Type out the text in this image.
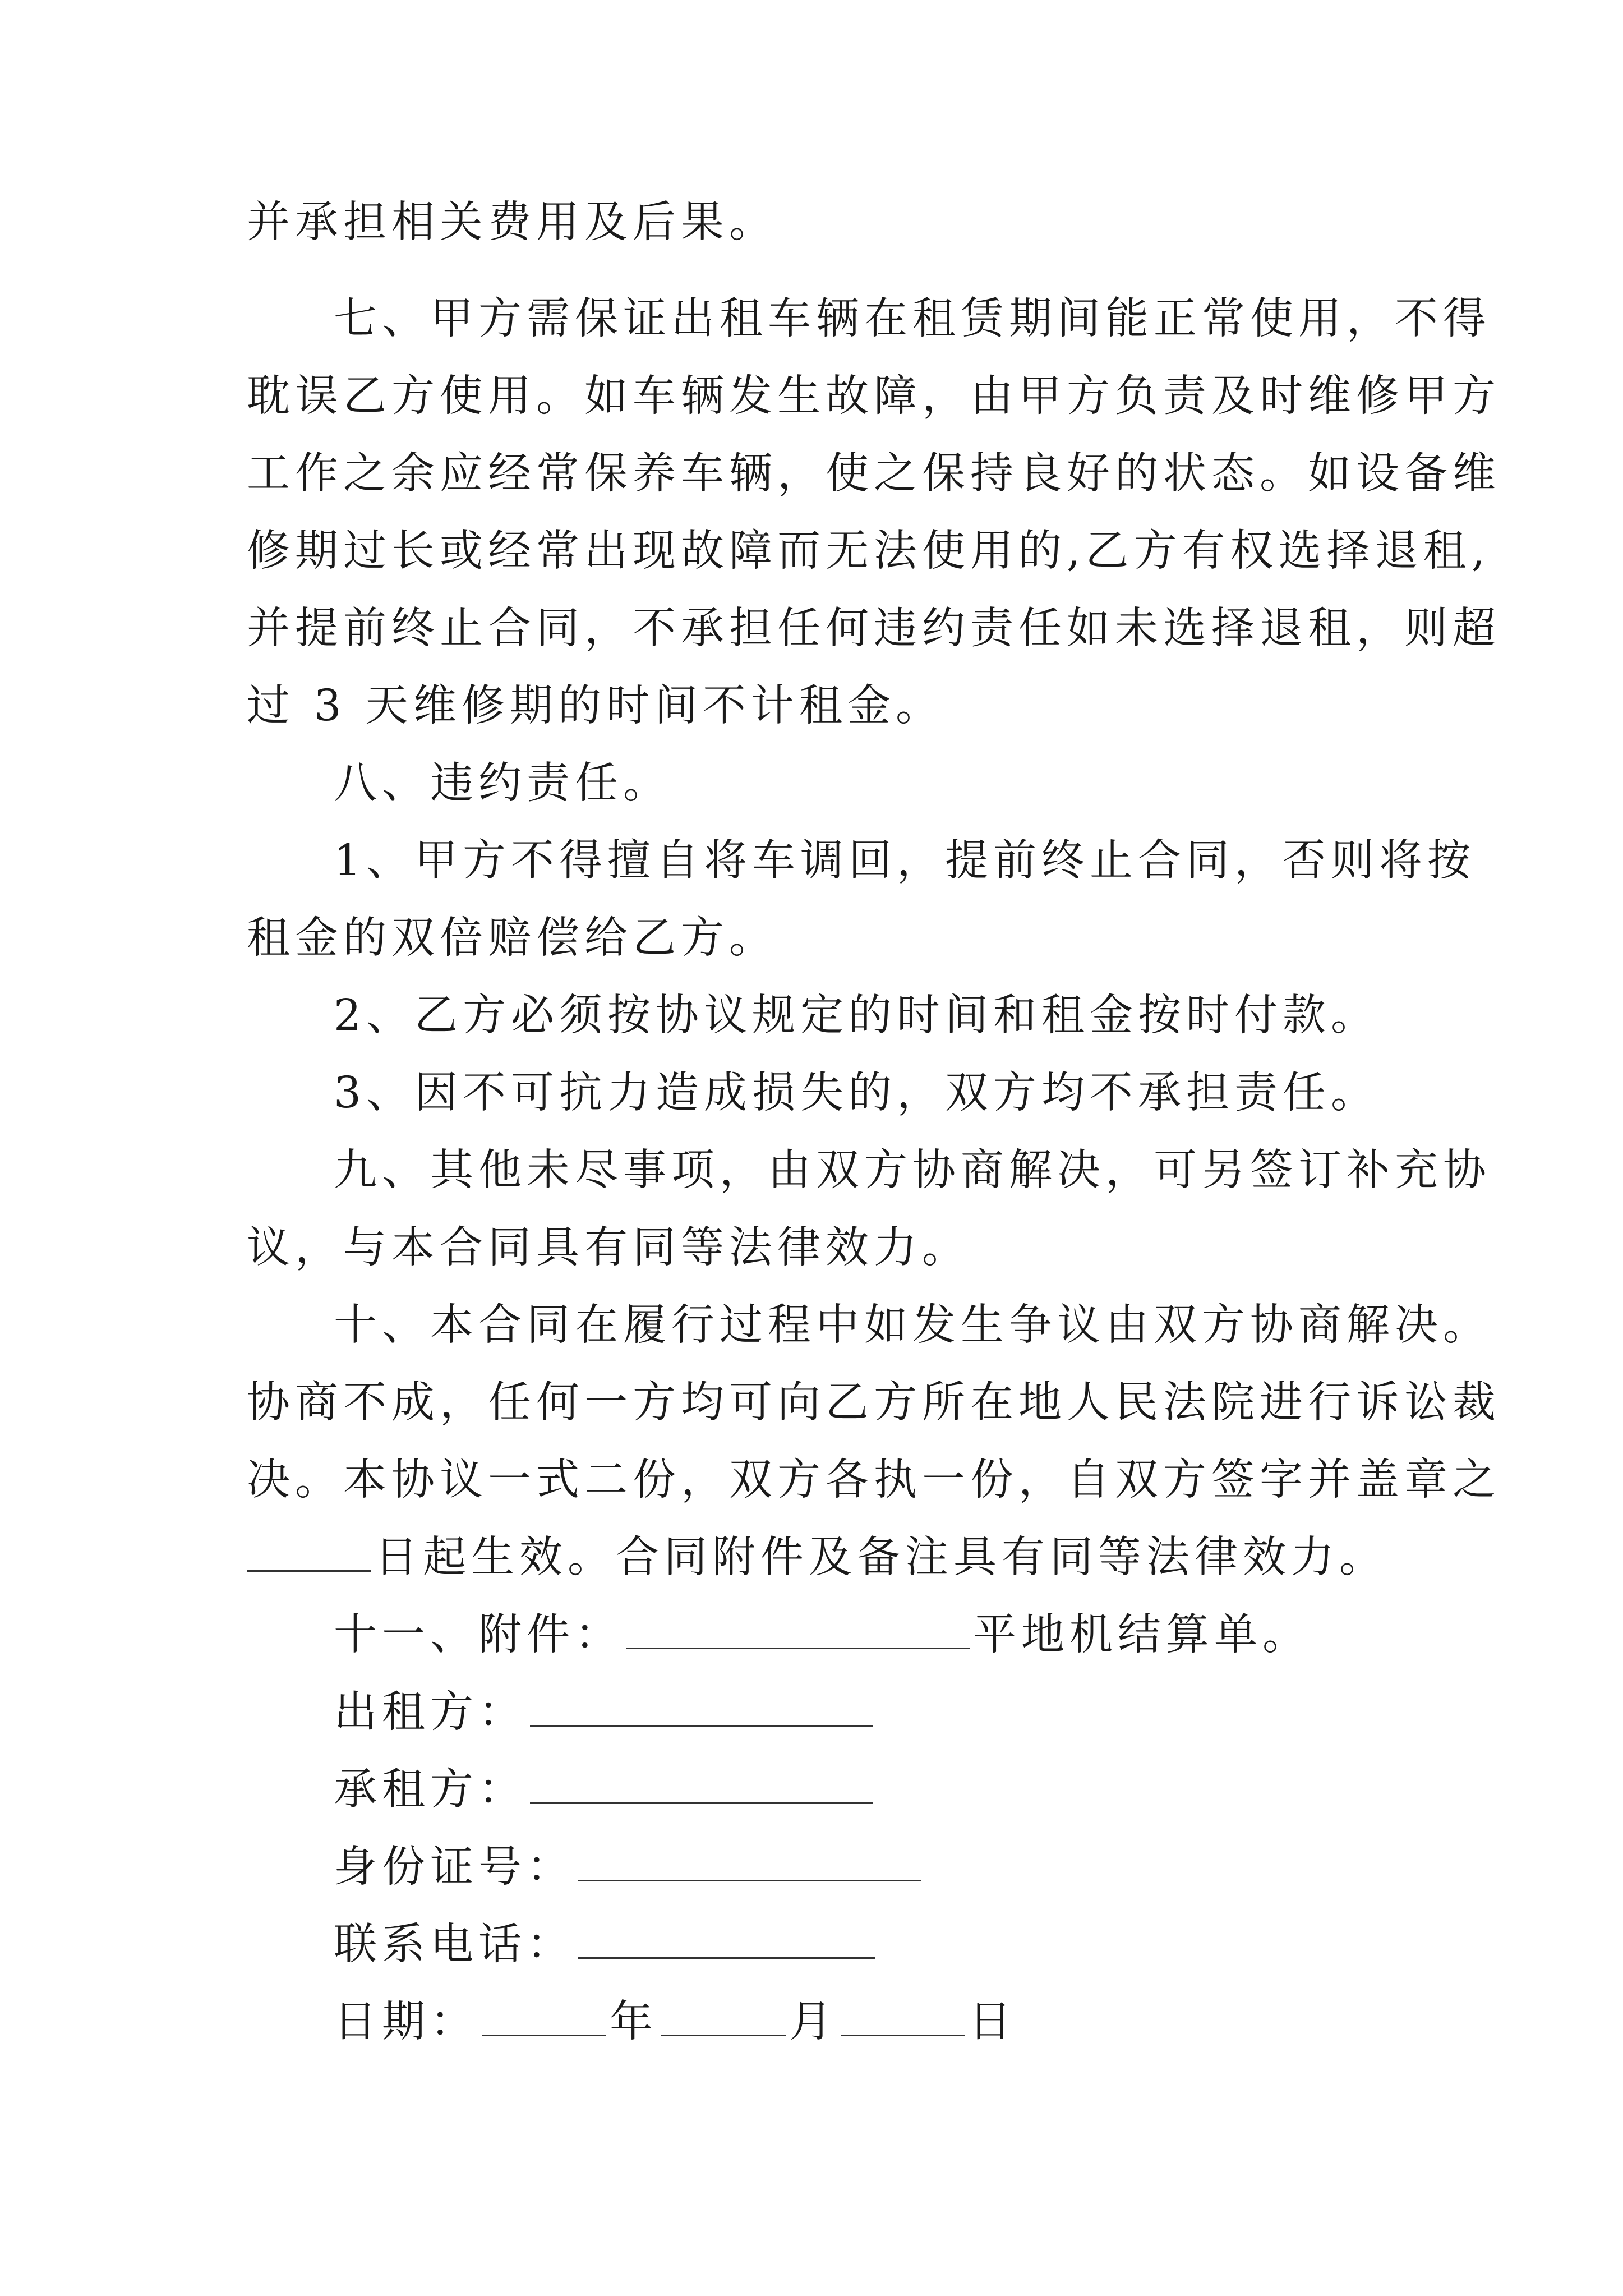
并承担相关费用及后果。
七、甲方需保证出租车辆在租赁期间能正常使用，不得
耽误乙方使用。如车辆发生故障，由甲方负责及时维修甲方
工作之余应经常保养车辆，使之保持良好的状态。如设备维
修期过长或经常出现故障而无法使用的,乙方有权选择退租,
并提前终止合同，不承担任何违约责任如未选择退租，则超
过 3 天维修期的时间不计租金。
八、违约责任。
1、甲方不得擅自将车调回，提前终止合同，否则将按
租金的双倍赔偿给乙方。
2、乙方必须按协议规定的时间和租金按时付款。
3、因不可抗力造成损失的，双方均不承担责任。
九、其他未尽事项，由双方协商解决，可另签订补充协
议，与本合同具有同等法律效力。
十、本合同在履行过程中如发生争议由双方协商解决。
协商不成，任何一方均可向乙方所在地人民法院进行诉讼裁
决。本协议一式二份，双方各执一份，自双方签字并盖章之
日起生效。合同附件及备注具有同等法律效力。
十一、附件：	平地机结算单。
出租方：
承租方：
身份证号：
联系电话：
日期：	年	月	日
